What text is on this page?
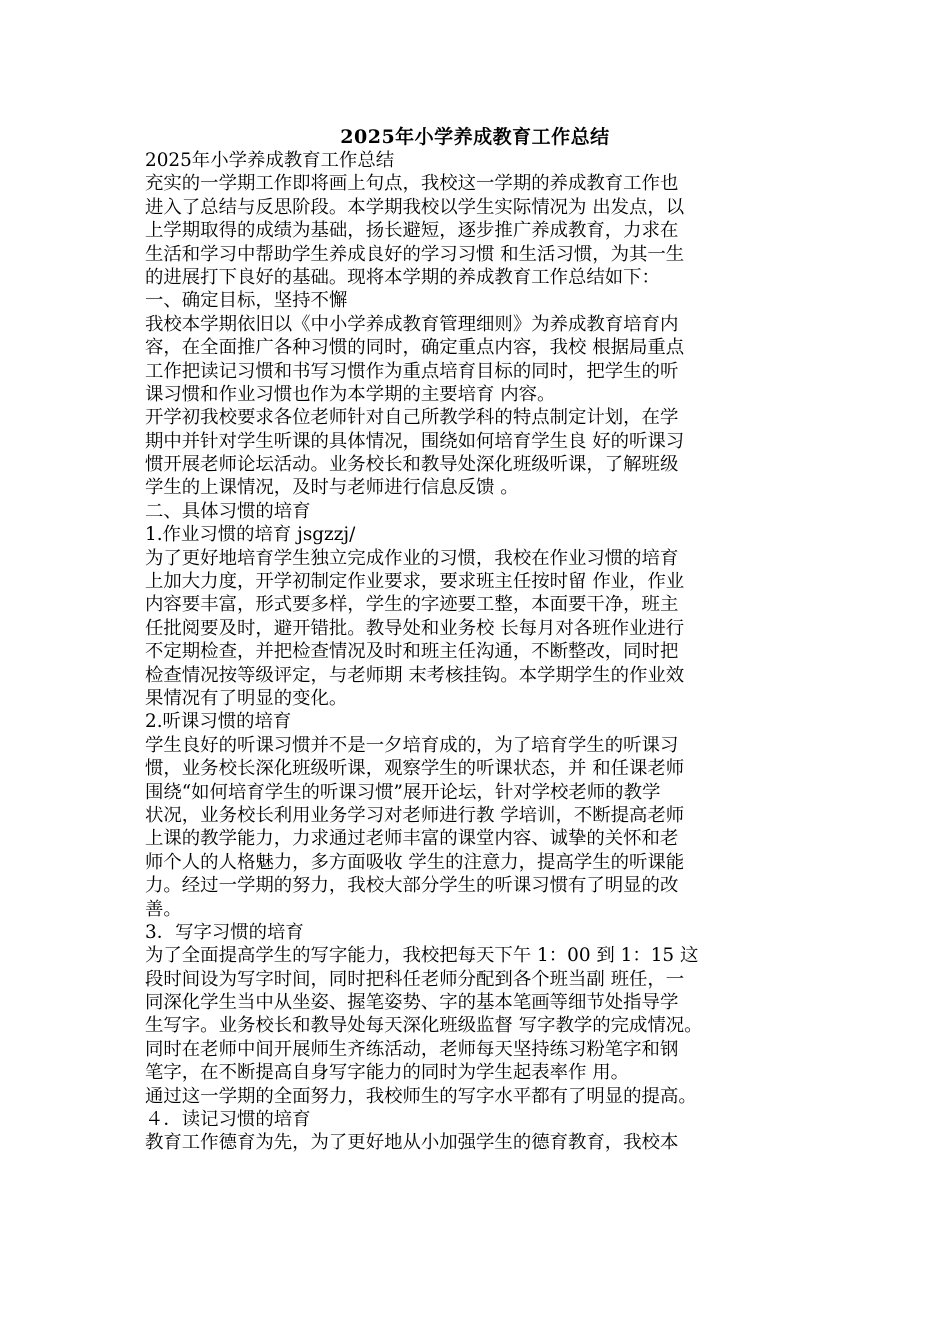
2025年小学养成教育工作总结
2025年小学养成教育工作总结
充实的一学期工作即将画上句点，我校这一学期的养成教育工作也
进入了总结与反思阶段。本学期我校以学生实际情况为 出发点，以
上学期取得的成绩为基础，扬长避短，逐步推广养成教育，力求在
生活和学习中帮助学生养成良好的学习习惯 和生活习惯，为其一生
的进展打下良好的基础。现将本学期的养成教育工作总结如下：
一、确定目标，坚持不懈
我校本学期依旧以《中小学养成教育管理细则》为养成教育培育内
容，在全面推广各种习惯的同时，确定重点内容，我校 根据局重点
工作把读记习惯和书写习惯作为重点培育目标的同时，把学生的听
课习惯和作业习惯也作为本学期的主要培育 内容。
开学初我校要求各位老师针对自己所教学科的特点制定计划，在学
期中并针对学生听课的具体情况，围绕如何培育学生良 好的听课习
惯开展老师论坛活动。业务校长和教导处深化班级听课，了解班级
学生的上课情况，及时与老师进行信息反馈 。
二、具体习惯的培育
1.作业习惯的培育 jsgzzj/
为了更好地培育学生独立完成作业的习惯，我校在作业习惯的培育
上加大力度，开学初制定作业要求，要求班主任按时留 作业，作业
内容要丰富，形式要多样，学生的字迹要工整，本面要干净，班主
任批阅要及时，避开错批。教导处和业务校 长每月对各班作业进行
不定期检查，并把检查情况及时和班主任沟通，不断整改，同时把
检查情况按等级评定，与老师期 末考核挂钩。本学期学生的作业效
果情况有了明显的变化。
2.听课习惯的培育
学生良好的听课习惯并不是一夕培育成的，为了培育学生的听课习
惯，业务校长深化班级听课，观察学生的听课状态，并 和任课老师
围绕“如何培育学生的听课习惯”展开论坛，针对学校老师的教学
状况，业务校长利用业务学习对老师进行教 学培训，不断提高老师
上课的教学能力，力求通过老师丰富的课堂内容、诚挚的关怀和老
师个人的人格魅力，多方面吸收 学生的注意力，提高学生的听课能
力。经过一学期的努力，我校大部分学生的听课习惯有了明显的改
善。
3．写字习惯的培育
为了全面提高学生的写字能力，我校把每天下午 1：00 到 1：15 这
段时间设为写字时间，同时把科任老师分配到各个班当副 班任，一
同深化学生当中从坐姿、握笔姿势、字的基本笔画等细节处指导学
生写字。业务校长和教导处每天深化班级监督 写字教学的完成情况。
同时在老师中间开展师生齐练活动，老师每天坚持练习粉笔字和钢
笔字，在不断提高自身写字能力的同时为学生起表率作 用。
通过这一学期的全面努力，我校师生的写字水平都有了明显的提高。
４．读记习惯的培育
教育工作德育为先，为了更好地从小加强学生的德育教育，我校本
